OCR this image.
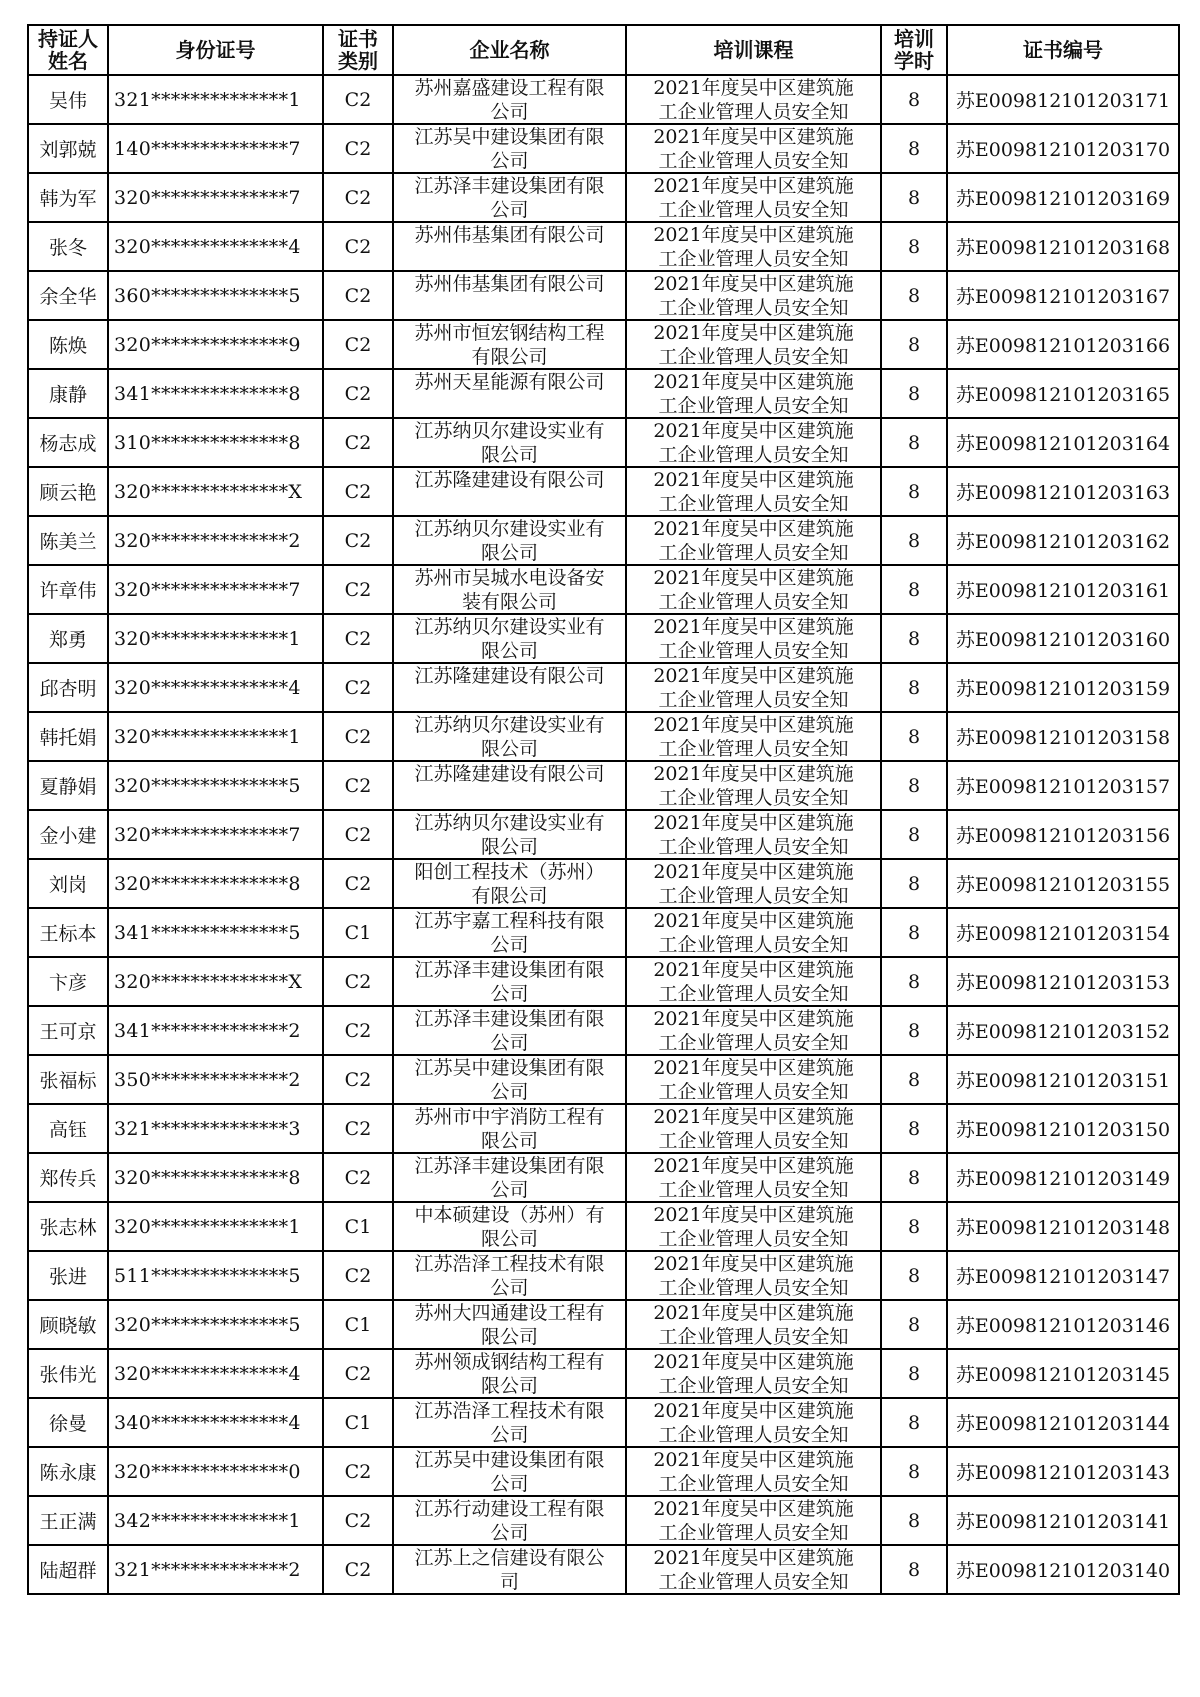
持证人姓名	身份证号	证书类别	企业名称	培训课程	培训学时	证书编号
吴伟	321**************1	C2	苏州嘉盛建设工程有限公司	2021年度吴中区建筑施工企业管理人员安全知	8	苏E009812101203171
刘郭兢	140**************7	C2	江苏吴中建设集团有限公司	2021年度吴中区建筑施工企业管理人员安全知	8	苏E009812101203170
韩为军	320**************7	C2	江苏泽丰建设集团有限公司	2021年度吴中区建筑施工企业管理人员安全知	8	苏E009812101203169
张冬	320**************4	C2	苏州伟基集团有限公司	2021年度吴中区建筑施工企业管理人员安全知	8	苏E009812101203168
余全华	360**************5	C2	苏州伟基集团有限公司	2021年度吴中区建筑施工企业管理人员安全知	8	苏E009812101203167
陈焕	320**************9	C2	苏州市恒宏钢结构工程有限公司	2021年度吴中区建筑施工企业管理人员安全知	8	苏E009812101203166
康静	341**************8	C2	苏州天星能源有限公司	2021年度吴中区建筑施工企业管理人员安全知	8	苏E009812101203165
杨志成	310**************8	C2	江苏纳贝尔建设实业有限公司	2021年度吴中区建筑施工企业管理人员安全知	8	苏E009812101203164
顾云艳	320**************X	C2	江苏隆建建设有限公司	2021年度吴中区建筑施工企业管理人员安全知	8	苏E009812101203163
陈美兰	320**************2	C2	江苏纳贝尔建设实业有限公司	2021年度吴中区建筑施工企业管理人员安全知	8	苏E009812101203162
许章伟	320**************7	C2	苏州市吴城水电设备安装有限公司	2021年度吴中区建筑施工企业管理人员安全知	8	苏E009812101203161
郑勇	320**************1	C2	江苏纳贝尔建设实业有限公司	2021年度吴中区建筑施工企业管理人员安全知	8	苏E009812101203160
邱杏明	320**************4	C2	江苏隆建建设有限公司	2021年度吴中区建筑施工企业管理人员安全知	8	苏E009812101203159
韩托娟	320**************1	C2	江苏纳贝尔建设实业有限公司	2021年度吴中区建筑施工企业管理人员安全知	8	苏E009812101203158
夏静娟	320**************5	C2	江苏隆建建设有限公司	2021年度吴中区建筑施工企业管理人员安全知	8	苏E009812101203157
金小建	320**************7	C2	江苏纳贝尔建设实业有限公司	2021年度吴中区建筑施工企业管理人员安全知	8	苏E009812101203156
刘岗	320**************8	C2	阳创工程技术（苏州）有限公司	2021年度吴中区建筑施工企业管理人员安全知	8	苏E009812101203155
王标本	341**************5	C1	江苏宇嘉工程科技有限公司	2021年度吴中区建筑施工企业管理人员安全知	8	苏E009812101203154
卞彦	320**************X	C2	江苏泽丰建设集团有限公司	2021年度吴中区建筑施工企业管理人员安全知	8	苏E009812101203153
王可京	341**************2	C2	江苏泽丰建设集团有限公司	2021年度吴中区建筑施工企业管理人员安全知	8	苏E009812101203152
张福标	350**************2	C2	江苏吴中建设集团有限公司	2021年度吴中区建筑施工企业管理人员安全知	8	苏E009812101203151
高钰	321**************3	C2	苏州市中宇消防工程有限公司	2021年度吴中区建筑施工企业管理人员安全知	8	苏E009812101203150
郑传兵	320**************8	C2	江苏泽丰建设集团有限公司	2021年度吴中区建筑施工企业管理人员安全知	8	苏E009812101203149
张志林	320**************1	C1	中本硕建设（苏州）有限公司	2021年度吴中区建筑施工企业管理人员安全知	8	苏E009812101203148
张进	511**************5	C2	江苏浩泽工程技术有限公司	2021年度吴中区建筑施工企业管理人员安全知	8	苏E009812101203147
顾晓敏	320**************5	C1	苏州大四通建设工程有限公司	2021年度吴中区建筑施工企业管理人员安全知	8	苏E009812101203146
张伟光	320**************4	C2	苏州领成钢结构工程有限公司	2021年度吴中区建筑施工企业管理人员安全知	8	苏E009812101203145
徐曼	340**************4	C1	江苏浩泽工程技术有限公司	2021年度吴中区建筑施工企业管理人员安全知	8	苏E009812101203144
陈永康	320**************0	C2	江苏吴中建设集团有限公司	2021年度吴中区建筑施工企业管理人员安全知	8	苏E009812101203143
王正满	342**************1	C2	江苏行动建设工程有限公司	2021年度吴中区建筑施工企业管理人员安全知	8	苏E009812101203141
陆超群	321**************2	C2	江苏上之信建设有限公司	2021年度吴中区建筑施工企业管理人员安全知	8	苏E009812101203140
